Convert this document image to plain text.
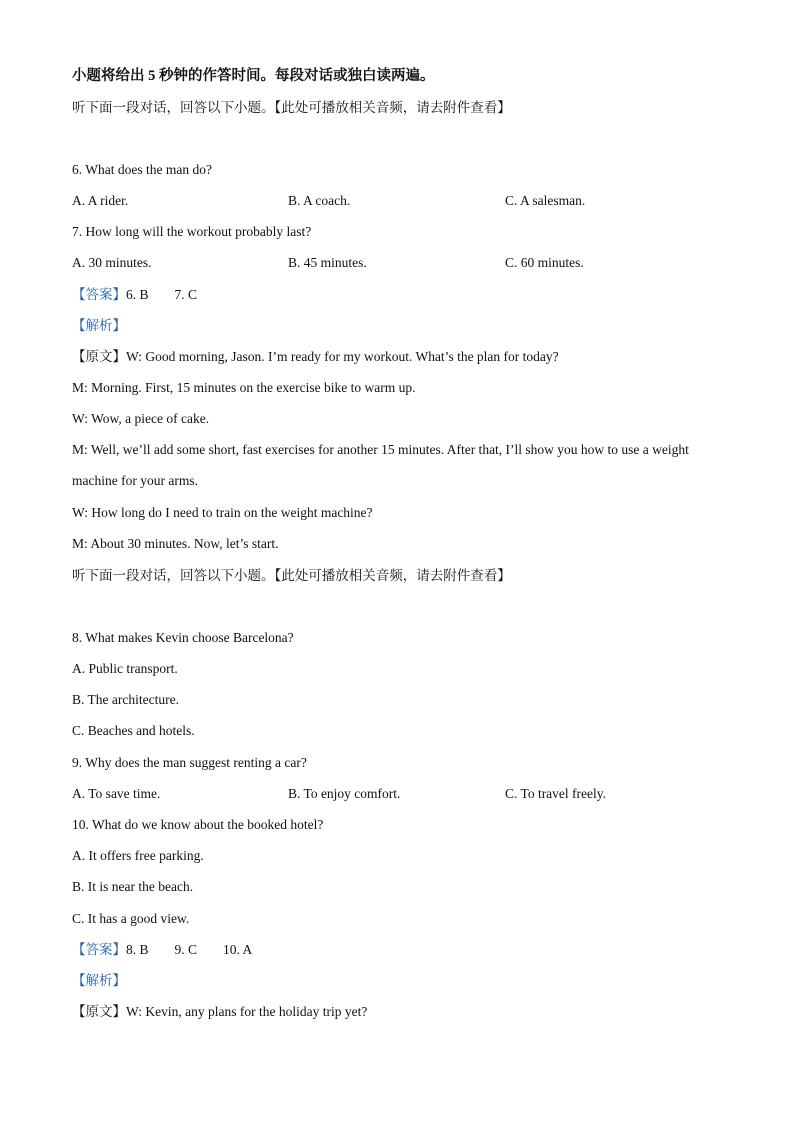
小题将给出 5 秒钟的作答时间。每段对话或独白读两遍。
听下面一段对话，回答以下小题。【此处可播放相关音频，请去附件查看】
6. What does the man do?
A. A rider.	B. A coach.	C. A salesman.
7. How long will the workout probably last?
A. 30 minutes.	B. 45 minutes.	C. 60 minutes.
【答案】6. B 7. C
【解析】
【原文】W: Good morning, Jason. I’m ready for my workout. What’s the plan for today?
M: Morning. First, 15 minutes on the exercise bike to warm up.
W: Wow, a piece of cake.
M: Well, we’ll add some short, fast exercises for another 15 minutes. After that, I’ll show you how to use a weight machine for your arms.
W: How long do I need to train on the weight machine?
M: About 30 minutes. Now, let’s start.
听下面一段对话，回答以下小题。【此处可播放相关音频，请去附件查看】
8. What makes Kevin choose Barcelona?
A. Public transport.
B. The architecture.
C. Beaches and hotels.
9. Why does the man suggest renting a car?
A. To save time.	B. To enjoy comfort.	C. To travel freely.
10. What do we know about the booked hotel?
A. It offers free parking.
B. It is near the beach.
C. It has a good view.
【答案】8. B 9. C 10. A
【解析】
【原文】W: Kevin, any plans for the holiday trip yet?
